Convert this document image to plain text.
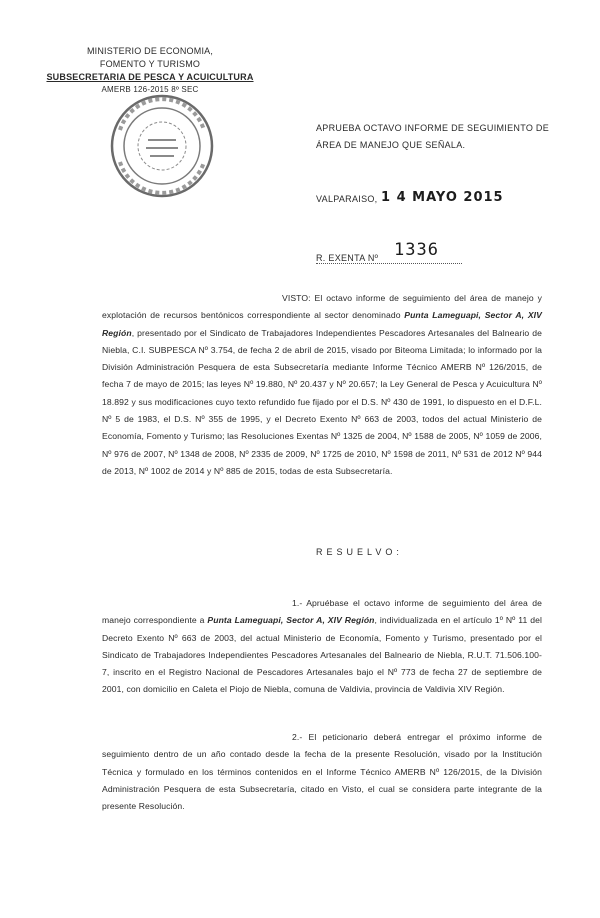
MINISTERIO DE ECONOMIA,
FOMENTO Y TURISMO
SUBSECRETARIA DE PESCA Y ACUICULTURA
AMERB 126-2015 8º SEC
APRUEBA OCTAVO INFORME DE SEGUIMIENTO DE ÁREA DE MANEJO QUE SEÑALA.
VALPARAISO, 1 4 MAYO 2015
R. EXENTA Nº 1336
VISTO: El octavo informe de seguimiento del área de manejo y explotación de recursos bentónicos correspondiente al sector denominado Punta Lameguapi, Sector A, XIV Región, presentado por el Sindicato de Trabajadores Independientes Pescadores Artesanales del Balneario de Niebla, C.I. SUBPESCA Nº 3.754, de fecha 2 de abril de 2015, visado por Biteoma Limitada; lo informado por la División Administración Pesquera de esta Subsecretaría mediante Informe Técnico AMERB Nº 126/2015, de fecha 7 de mayo de 2015; las leyes Nº 19.880, Nº 20.437 y Nº 20.657; la Ley General de Pesca y Acuicultura Nº 18.892 y sus modificaciones cuyo texto refundido fue fijado por el D.S. Nº 430 de 1991, lo dispuesto en el D.F.L. Nº 5 de 1983, el D.S. Nº 355 de 1995, y el Decreto Exento Nº 663 de 2003, todos del actual Ministerio de Economía, Fomento y Turismo; las Resoluciones Exentas Nº 1325 de 2004, Nº 1588 de 2005, Nº 1059 de 2006, Nº 976 de 2007, Nº 1348 de 2008, Nº 2335 de 2009, Nº 1725 de 2010, Nº 1598 de 2011, Nº 531 de 2012 Nº 944 de 2013, Nº 1002 de 2014 y Nº 885 de 2015, todas de esta Subsecretaría.
RESUELVO:
1.- Apruébase el octavo informe de seguimiento del área de manejo correspondiente a Punta Lameguapi, Sector A, XIV Región, individualizada en el artículo 1º Nº 11 del Decreto Exento Nº 663 de 2003, del actual Ministerio de Economía, Fomento y Turismo, presentado por el Sindicato de Trabajadores Independientes Pescadores Artesanales del Balneario de Niebla, R.U.T. 71.506.100-7, inscrito en el Registro Nacional de Pescadores Artesanales bajo el Nº 773 de fecha 27 de septiembre de 2001, con domicilio en Caleta el Piojo de Niebla, comuna de Valdivia, provincia de Valdivia XIV Región.
2.- El peticionario deberá entregar el próximo informe de seguimiento dentro de un año contado desde la fecha de la presente Resolución, visado por la Institución Técnica y formulado en los términos contenidos en el Informe Técnico AMERB Nº 126/2015, de la División Administración Pesquera de esta Subsecretaría, citado en Visto, el cual se considera parte integrante de la presente Resolución.
